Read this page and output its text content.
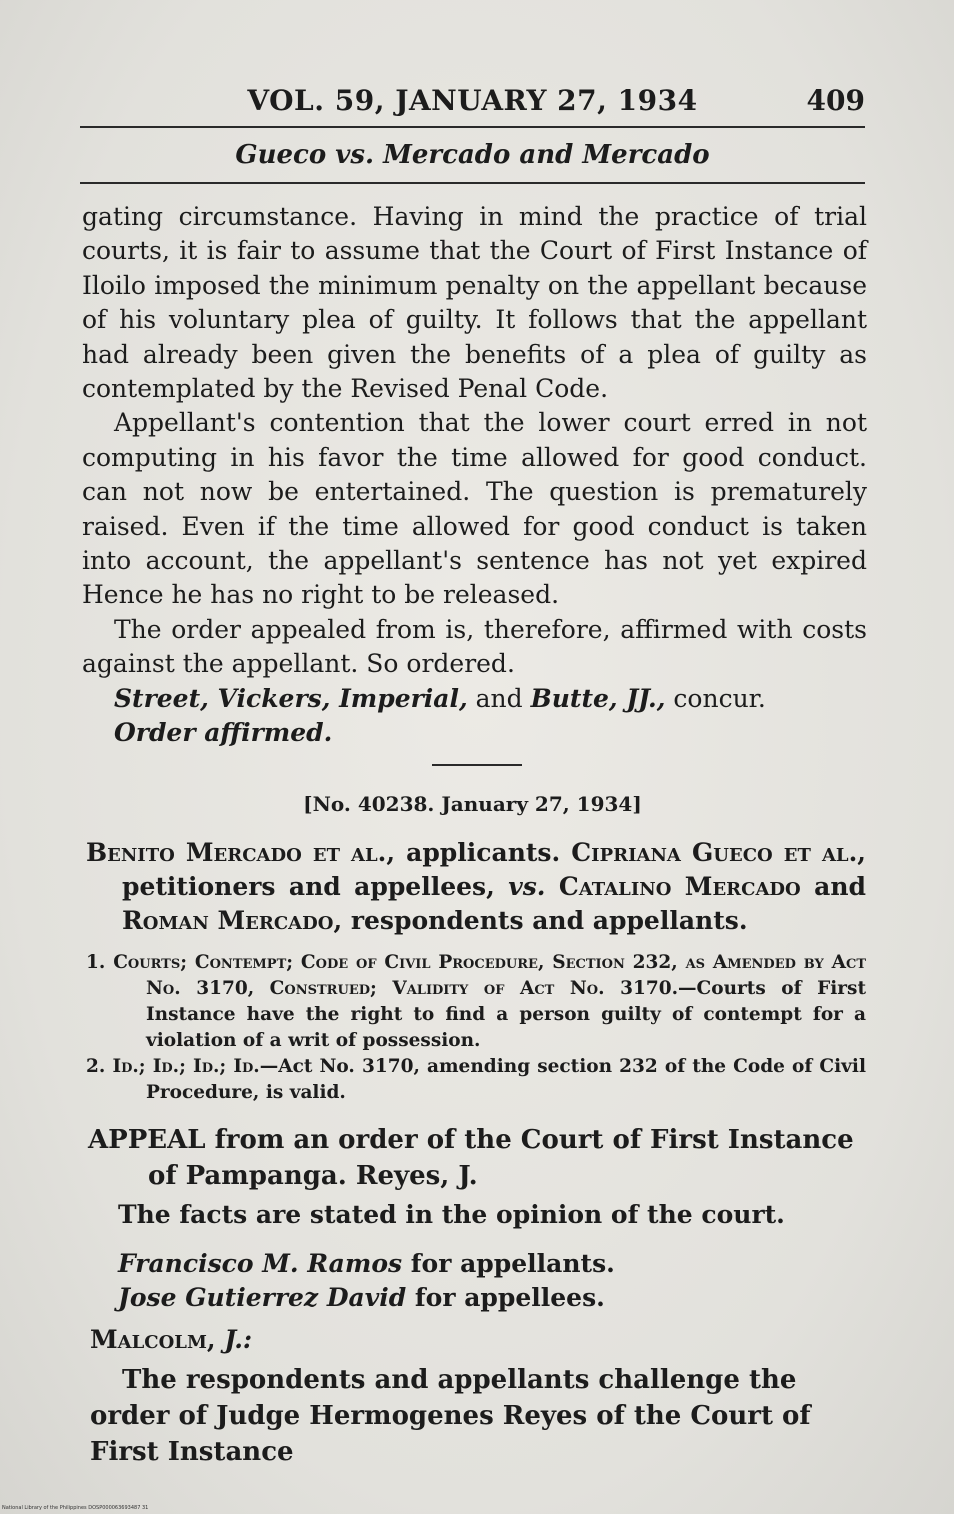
VOL. 59, JANUARY 27, 1934	409
Gueco vs. Mercado and Mercado

gating circumstance. Having in mind the practice of trial courts, it is fair to assume that the Court of First Instance of Iloilo imposed the minimum penalty on the appellant because of his voluntary plea of guilty. It follows that the appellant had already been given the benefits of a plea of guilty as contemplated by the Revised Penal Code.

Appellant's contention that the lower court erred in not computing in his favor the time allowed for good conduct. can not now be entertained. The question is prematurely raised. Even if the time allowed for good conduct is taken into account, the appellant's sentence has not yet expired Hence he has no right to be released.

The order appealed from is, therefore, affirmed with costs against the appellant. So ordered.

Street, Vickers, Imperial, and Butte, JJ., concur.

Order affirmed.

[No. 40238. January 27, 1934]

Benito Mercado et al., applicants. Cipriana Gueco et al., petitioners and appellees, vs. Catalino Mercado and Roman Mercado, respondents and appellants.

1. Courts; Contempt; Code of Civil Procedure, Section 232, as Amended by Act No. 3170, Construed; Validity of Act No. 3170.—Courts of First Instance have the right to find a person guilty of contempt for a violation of a writ of possession.

2. Id.; Id.; Id.; Id.—Act No. 3170, amending section 232 of the Code of Civil Procedure, is valid.

APPEAL from an order of the Court of First Instance of Pampanga. Reyes, J.

The facts are stated in the opinion of the court.

Francisco M. Ramos for appellants.

Jose Gutierrez David for appellees.

Malcolm, J.:

The respondents and appellants challenge the order of Judge Hermogenes Reyes of the Court of First Instance

National Library of the Philippines DOSP000063693487 31
